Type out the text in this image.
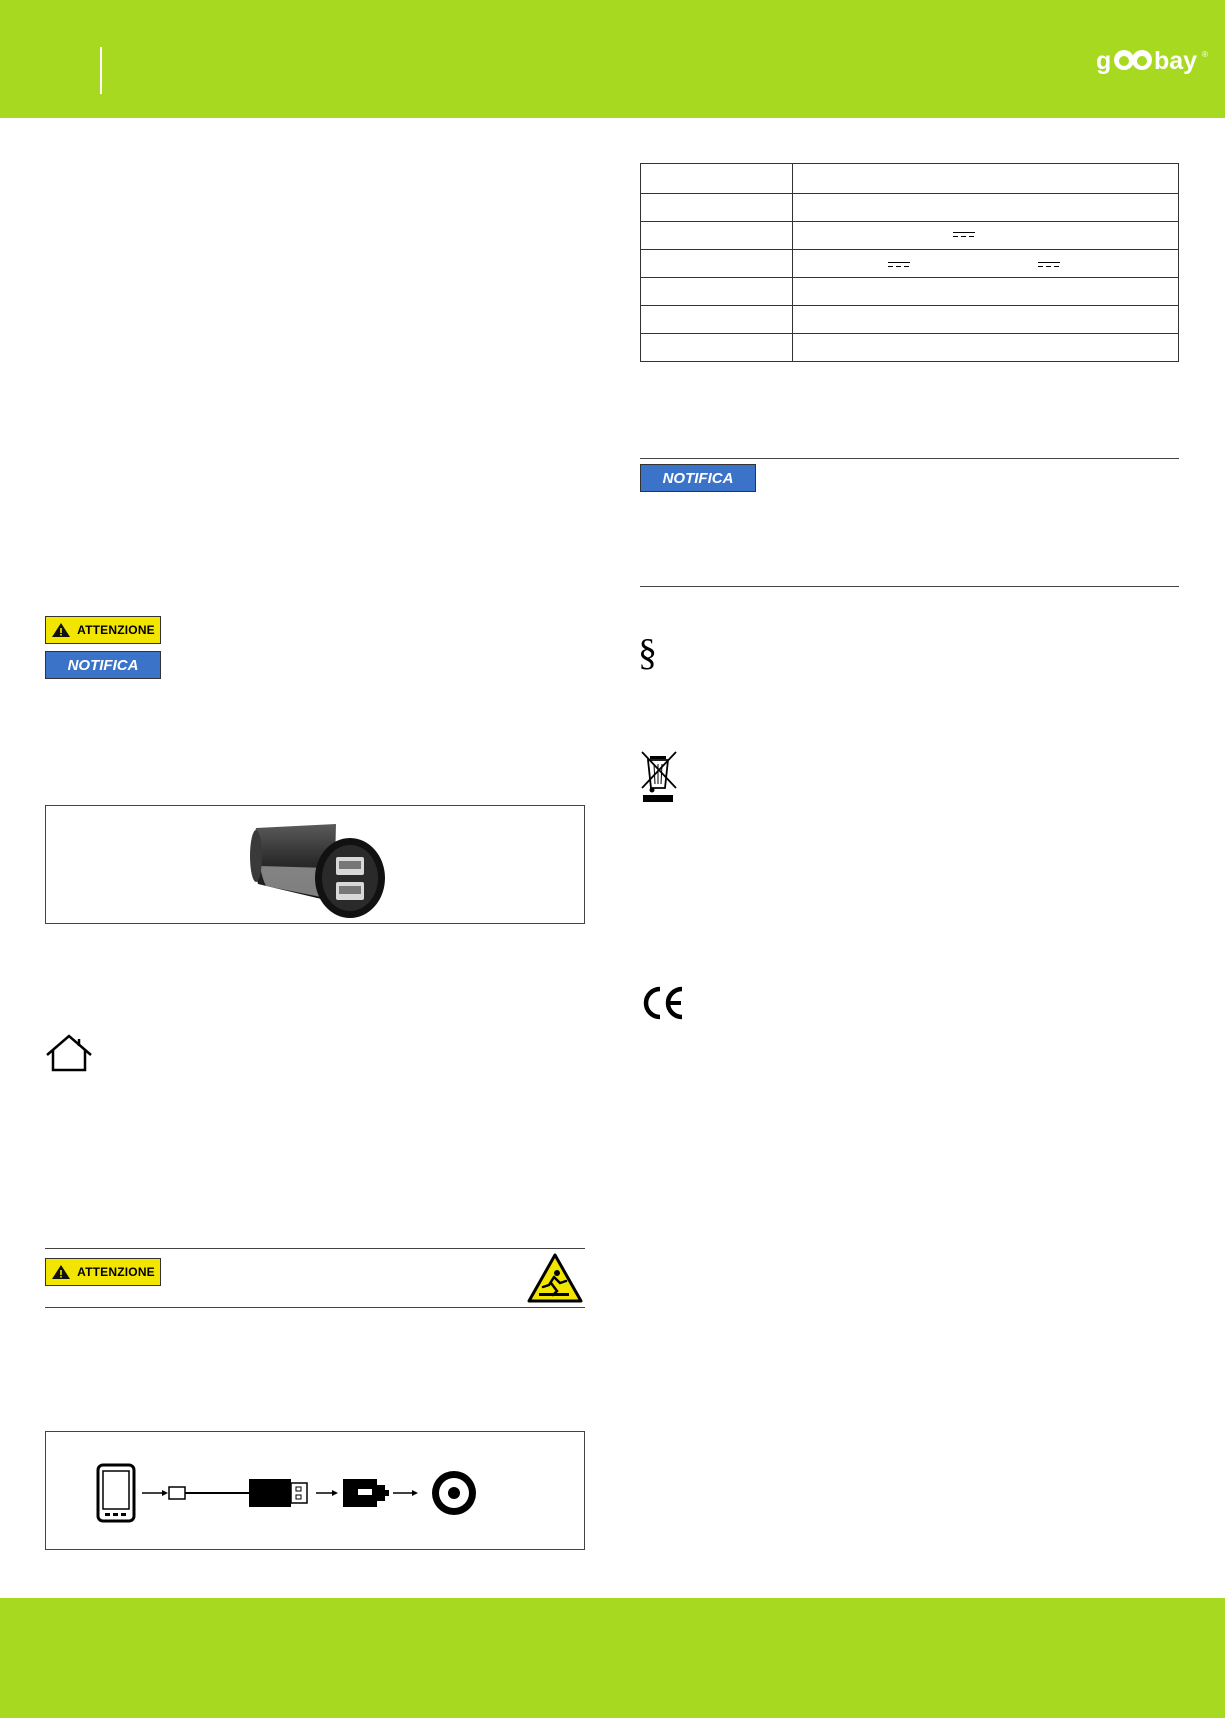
g bay ®
ATTENZIONE
NOTIFICA
ATTENZIONE

NOTIFICA
§
